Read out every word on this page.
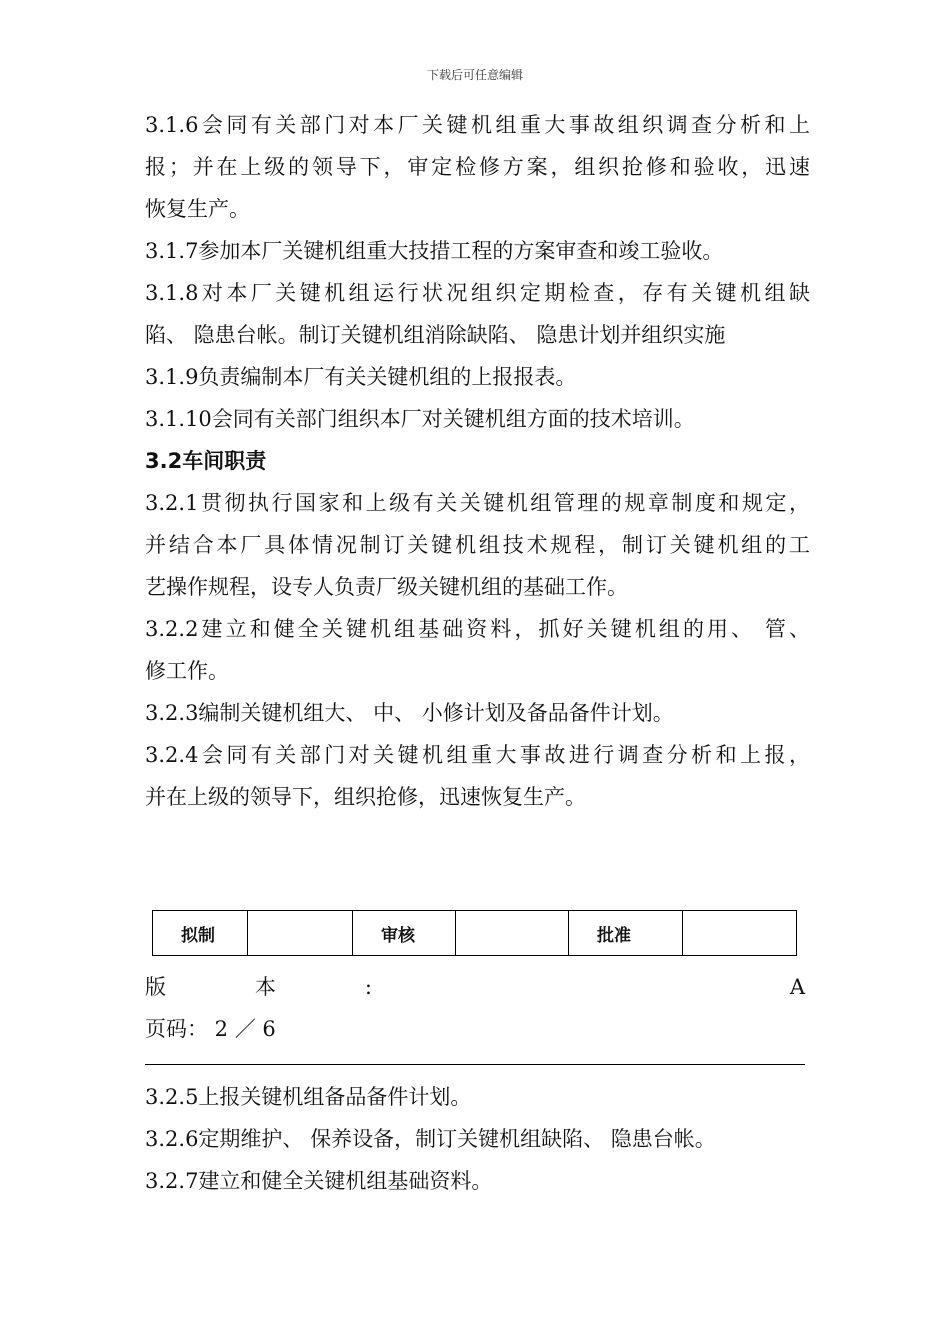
下载后可任意编辑
3.1.6会同有关部门对本厂关键机组重大事故组织调查分析和上
报；并在上级的领导下，审定检修方案，组织抢修和验收，迅速
恢复生产。
3.1.7参加本厂关键机组重大技措工程的方案审查和竣工验收。
3.1.8对本厂关键机组运行状况组织定期检查，存有关键机组缺
陷、 隐患台帐。制订关键机组消除缺陷、 隐患计划并组织实施
3.1.9负责编制本厂有关关键机组的上报报表。
3.1.10会同有关部门组织本厂对关键机组方面的技术培训。
3.2车间职责
3.2.1贯彻执行国家和上级有关关键机组管理的规章制度和规定，
并结合本厂具体情况制订关键机组技术规程，制订关键机组的工
艺操作规程，设专人负责厂级关键机组的基础工作。
3.2.2建立和健全关键机组基础资料，抓好关键机组的用、 管、
修工作。
3.2.3编制关键机组大、 中、 小修计划及备品备件计划。
3.2.4会同有关部门对关键机组重大事故进行调查分析和上报，
并在上级的领导下，组织抢修，迅速恢复生产。
拟制		审核		批准	
版	本	:	A
页码： 2 ／ 6
3.2.5上报关键机组备品备件计划。
3.2.6定期维护、 保养设备，制订关键机组缺陷、 隐患台帐。
3.2.7建立和健全关键机组基础资料。
